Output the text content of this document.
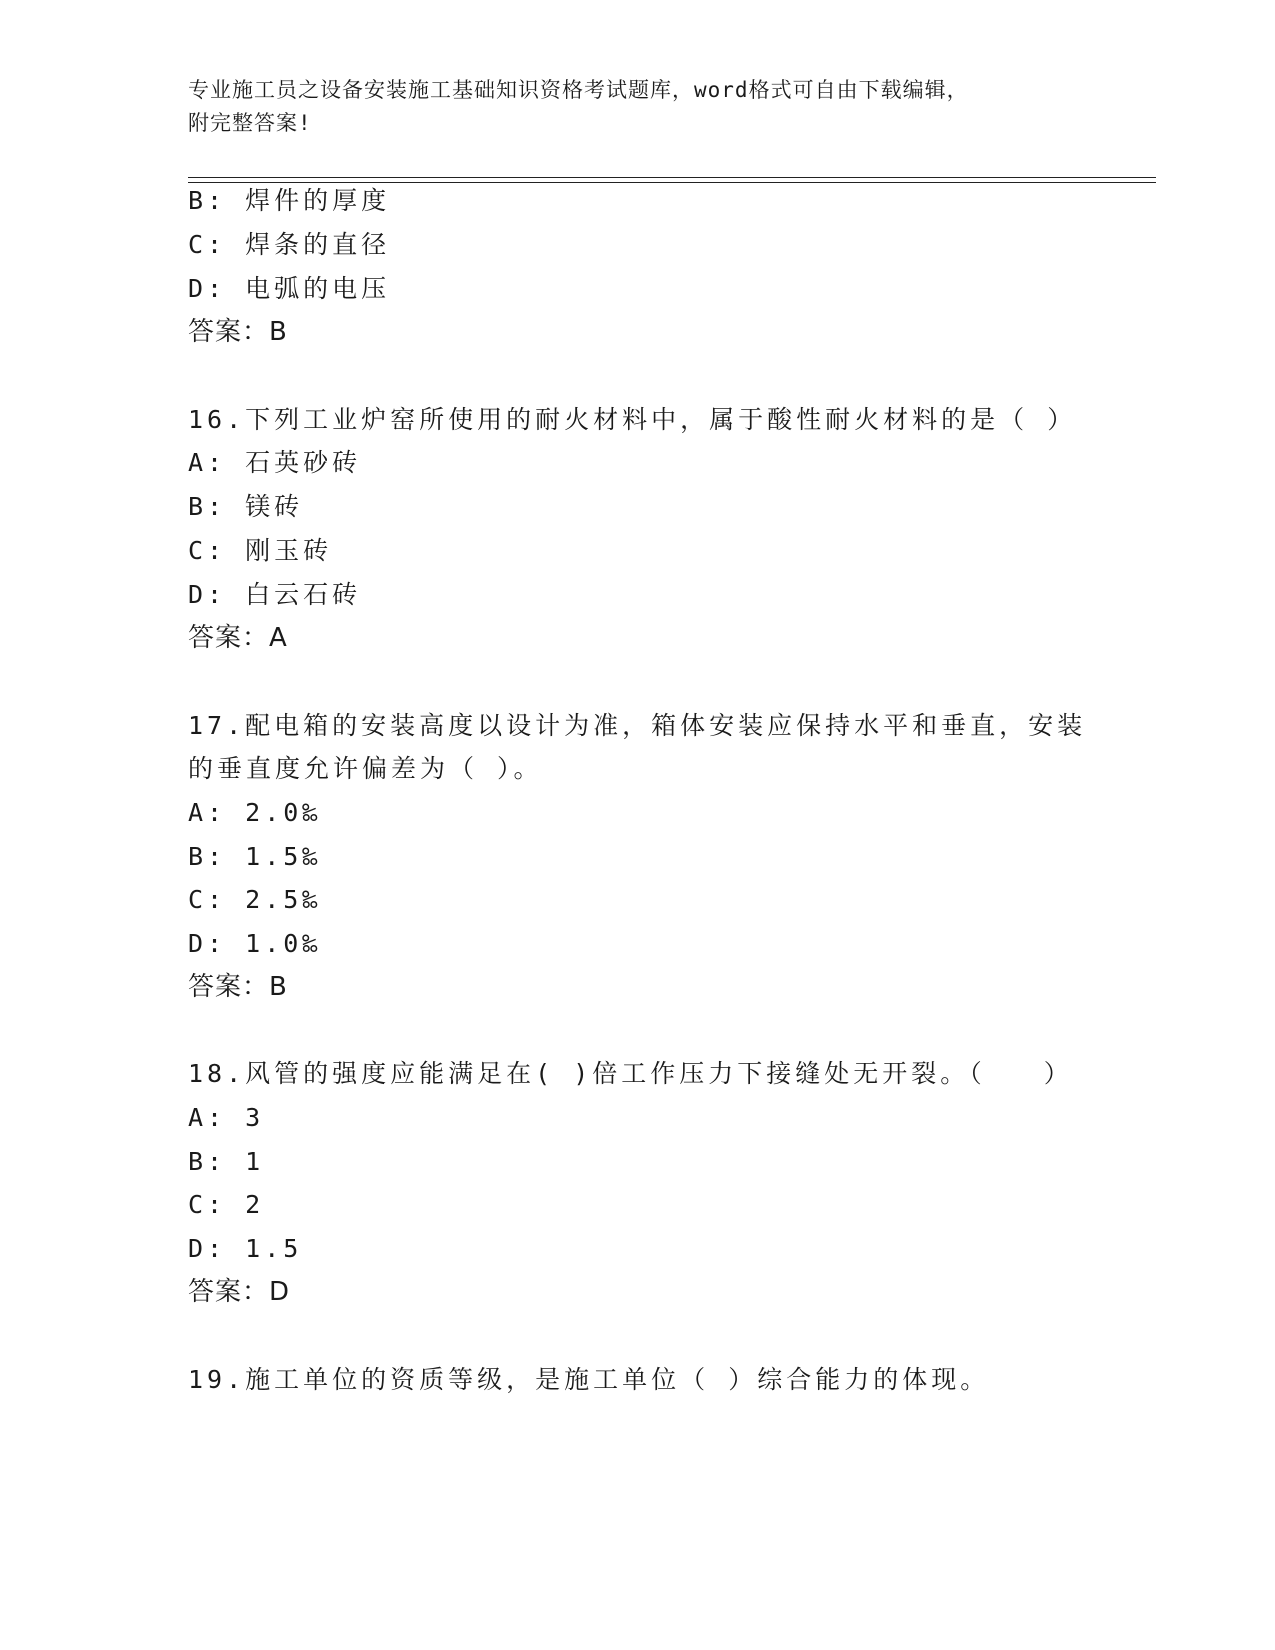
专业施工员之设备安装施工基础知识资格考试题库，word格式可自由下载编辑，
附完整答案!
B: 焊件的厚度
C: 焊条的直径
D: 电弧的电压
答案：B
16.下列工业炉窑所使用的耐火材料中，属于酸性耐火材料的是（ ）
A: 石英砂砖
B: 镁砖
C: 刚玉砖
D: 白云石砖
答案：A
17.配电箱的安装高度以设计为准，箱体安装应保持水平和垂直，安装
的垂直度允许偏差为（ ）。
A: 2.0‰
B: 1.5‰
C: 2.5‰
D: 1.0‰
答案：B
18.风管的强度应能满足在( )倍工作压力下接缝处无开裂。（　　）
A: 3
B: 1
C: 2
D: 1.5
答案：D
19.施工单位的资质等级，是施工单位（ ）综合能力的体现。
